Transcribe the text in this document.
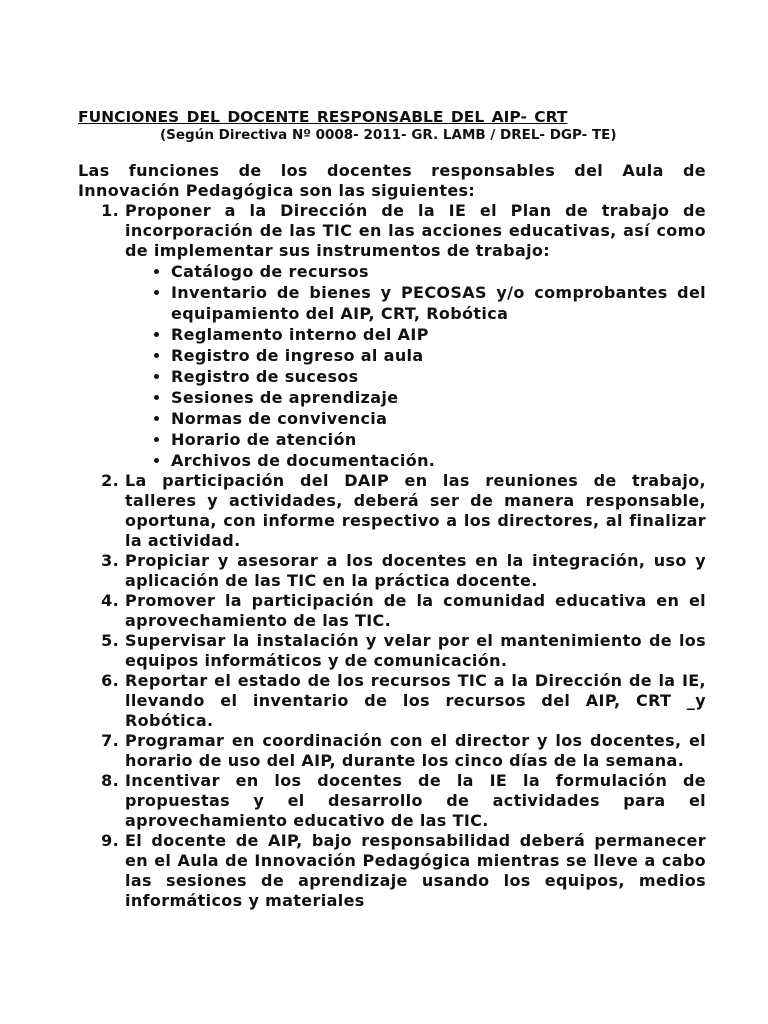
FUNCIONES DEL DOCENTE RESPONSABLE DEL AIP- CRT

(Según Directiva Nº 0008- 2011- GR. LAMB / DREL- DGP- TE)

Las funciones de los docentes responsables del Aula de Innovación Pedagógica son las siguientes:

1. Proponer a la Dirección de la IE el Plan de trabajo de incorporación de las TIC en las acciones educativas, así como de implementar sus instrumentos de trabajo:
• Catálogo de recursos
• Inventario de bienes y PECOSAS y/o comprobantes del equipamiento del AIP, CRT, Robótica
• Reglamento interno del AIP
• Registro de ingreso al aula
• Registro de sucesos
• Sesiones de aprendizaje
• Normas de convivencia
• Horario de atención
• Archivos de documentación.
2. La participación del DAIP en las reuniones de trabajo, talleres y actividades, deberá ser de manera responsable, oportuna, con informe respectivo a los directores, al finalizar la actividad.
3. Propiciar y asesorar a los docentes en la integración, uso y aplicación de las TIC en la práctica docente.
4. Promover la participación de la comunidad educativa en el aprovechamiento de las TIC.
5. Supervisar la instalación y velar por el mantenimiento de los equipos informáticos y de comunicación.
6. Reportar el estado de los recursos TIC a la Dirección de la IE, llevando el inventario de los recursos del AIP, CRT _y Robótica.
7. Programar en coordinación con el director y los docentes, el horario de uso del AIP, durante los cinco días de la semana.
8. Incentivar en los docentes de la IE la formulación de propuestas y el desarrollo de actividades para el aprovechamiento educativo de las TIC.
9. El docente de AIP, bajo responsabilidad deberá permanecer en el Aula de Innovación Pedagógica mientras se lleve a cabo las sesiones de aprendizaje usando los equipos, medios informáticos y materiales
